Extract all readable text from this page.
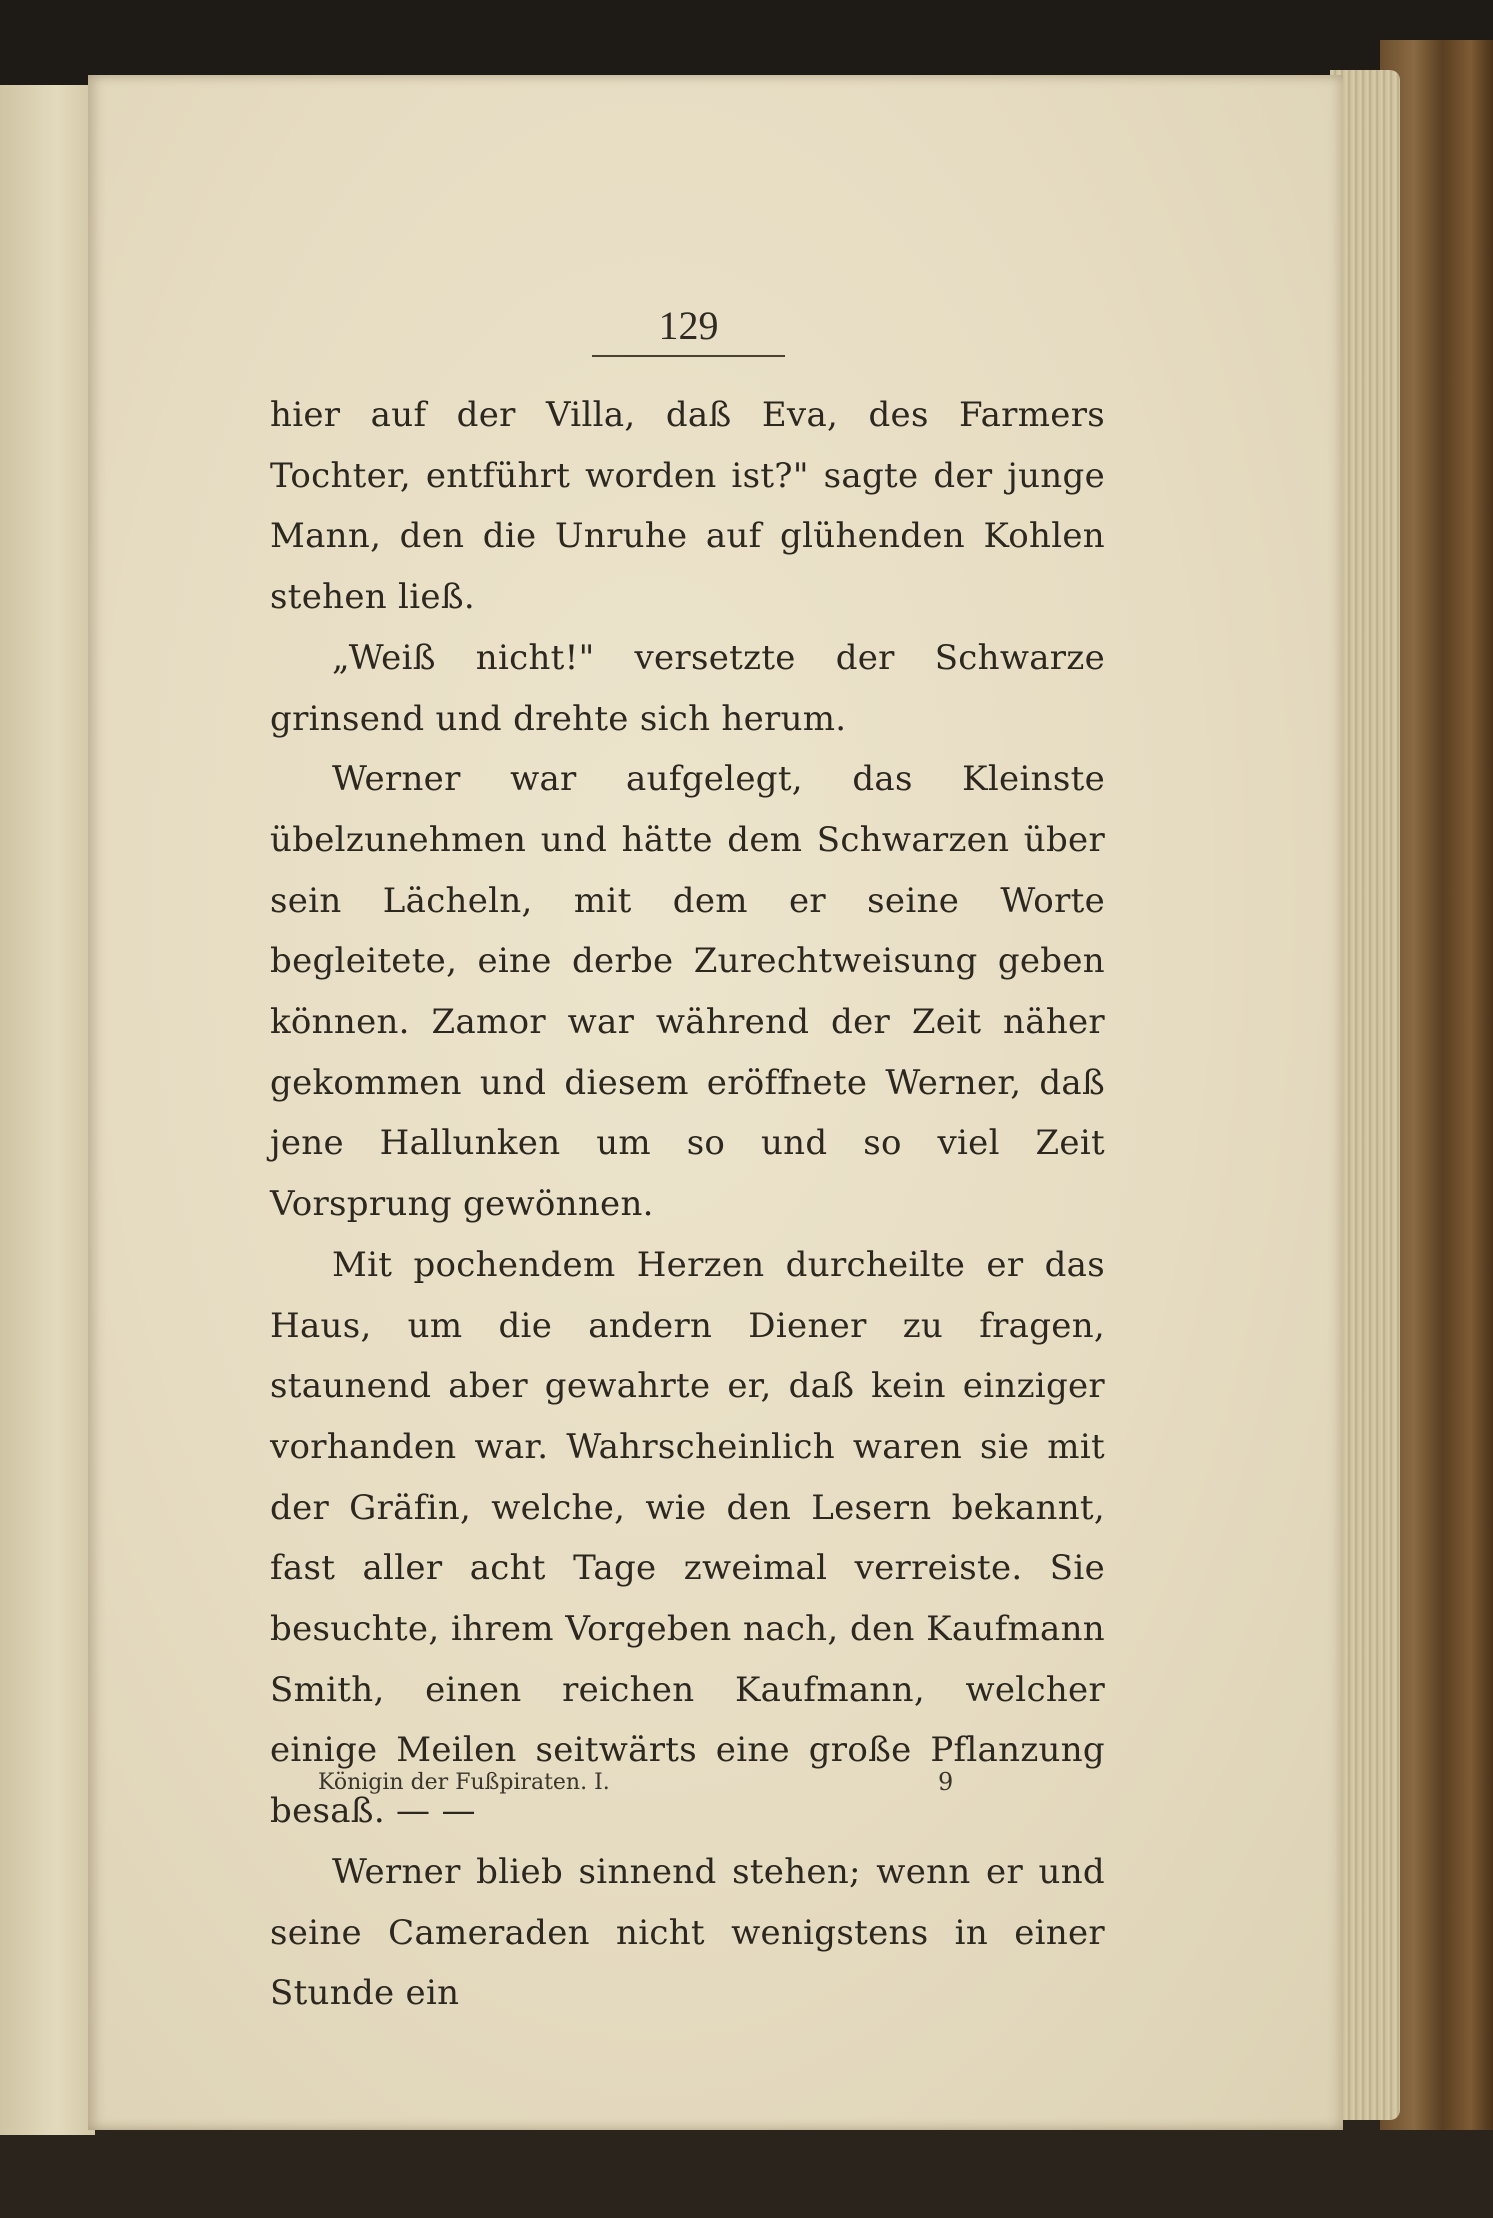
129

hier auf der Villa, daß Eva, des Farmers Tochter, entführt worden ist?" sagte der junge Mann, den die Unruhe auf glühenden Kohlen stehen ließ.

„Weiß nicht!" versetzte der Schwarze grinsend und drehte sich herum.

Werner war aufgelegt, das Kleinste übelzunehmen und hätte dem Schwarzen über sein Lächeln, mit dem er seine Worte begleitete, eine derbe Zurechtweisung geben können. Zamor war während der Zeit näher gekommen und diesem eröffnete Werner, daß jene Hallunken um so und so viel Zeit Vorsprung gewönnen.

Mit pochendem Herzen durcheilte er das Haus, um die andern Diener zu fragen, staunend aber gewahrte er, daß kein einziger vorhanden war. Wahrscheinlich waren sie mit der Gräfin, welche, wie den Lesern bekannt, fast aller acht Tage zweimal verreiste. Sie besuchte, ihrem Vorgeben nach, den Kaufmann Smith, einen reichen Kaufmann, welcher einige Meilen seitwärts eine große Pflanzung besaß. — —

Werner blieb sinnend stehen; wenn er und seine Cameraden nicht wenigstens in einer Stunde ein

Königin der Fußpiraten. I.	9
